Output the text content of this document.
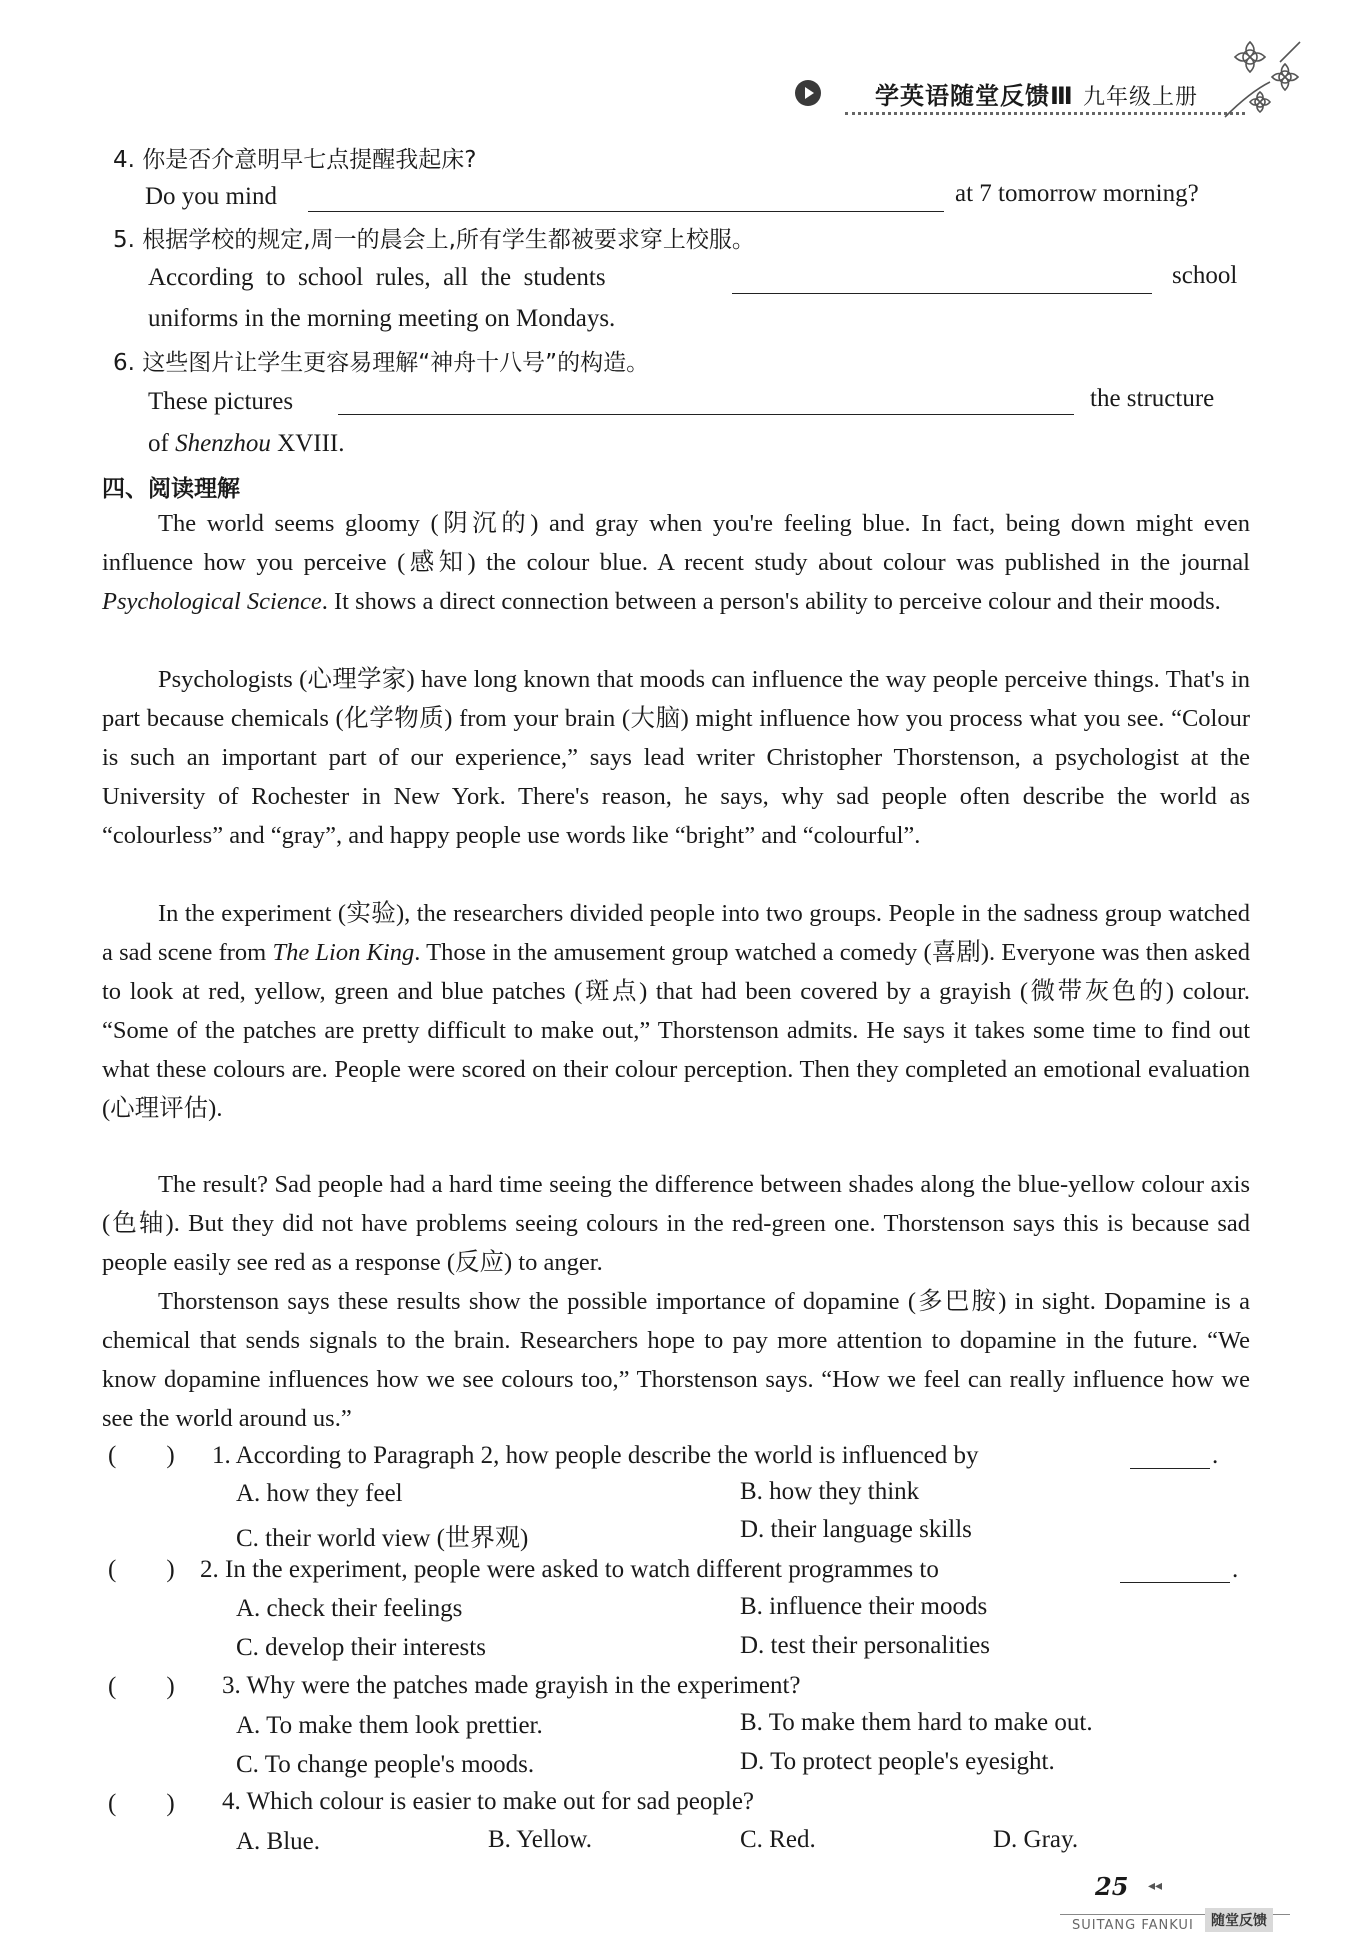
学英语随堂反馈Ⅲ 九年级上册
4. 你是否介意明早七点提醒我起床?
Do you mind	at 7 tomorrow morning?
5. 根据学校的规定,周一的晨会上,所有学生都被要求穿上校服。
According  to  school  rules,  all  the  students	school
uniforms in the morning meeting on Mondays.
6. 这些图片让学生更容易理解“神舟十八号”的构造。
These pictures	the structure
of Shenzhou XVIII.
四、阅读理解

The world seems gloomy (阴沉的) and gray when you're feeling blue. In fact, being down might even influence how you perceive (感知) the colour blue. A recent study about colour was published in the journal Psychological Science. It shows a direct connection between a person's ability to perceive colour and their moods.

Psychologists (心理学家) have long known that moods can influence the way people perceive things. That's in part because chemicals (化学物质) from your brain (大脑) might influence how you process what you see. “Colour is such an important part of our experience,” says lead writer Christopher Thorstenson, a psychologist at the University of Rochester in New York. There's reason, he says, why sad people often describe the world as “colourless” and “gray”, and happy people use words like “bright” and “colourful”.

In the experiment (实验), the researchers divided people into two groups. People in the sadness group watched a sad scene from The Lion King. Those in the amusement group watched a comedy (喜剧). Everyone was then asked to look at red, yellow, green and blue patches (斑点) that had been covered by a grayish (微带灰色的) colour. “Some of the patches are pretty difficult to make out,” Thorstenson admits. He says it takes some time to find out what these colours are. People were scored on their colour perception. Then they completed an emotional evaluation (心理评估).

The result? Sad people had a hard time seeing the difference between shades along the blue-yellow colour axis (色轴). But they did not have problems seeing colours in the red-green one. Thorstenson says this is because sad people easily see red as a response (反应) to anger.

Thorstenson says these results show the possible importance of dopamine (多巴胺) in sight. Dopamine is a chemical that sends signals to the brain. Researchers hope to pay more attention to dopamine in the future. “We know dopamine influences how we see colours too,” Thorstenson says. “How we feel can really influence how we see the world around us.”

(        ) 1. According to Paragraph 2, how people describe the world is influenced by	.
A. how they feel	B. how they think
C. their world view (世界观)	D. their language skills
(        ) 2. In the experiment, people were asked to watch different programmes to	.
A. check their feelings	B. influence their moods
C. develop their interests	D. test their personalities
(        ) 3. Why were the patches made grayish in the experiment?
A. To make them look prettier.	B. To make them hard to make out.
C. To change people's moods.	D. To protect people's eyesight.
(        ) 4. Which colour is easier to make out for sad people?
A. Blue.	B. Yellow.	C. Red.	D. Gray.
25 ◂◂
SUITANG FANKUI	随堂反馈
